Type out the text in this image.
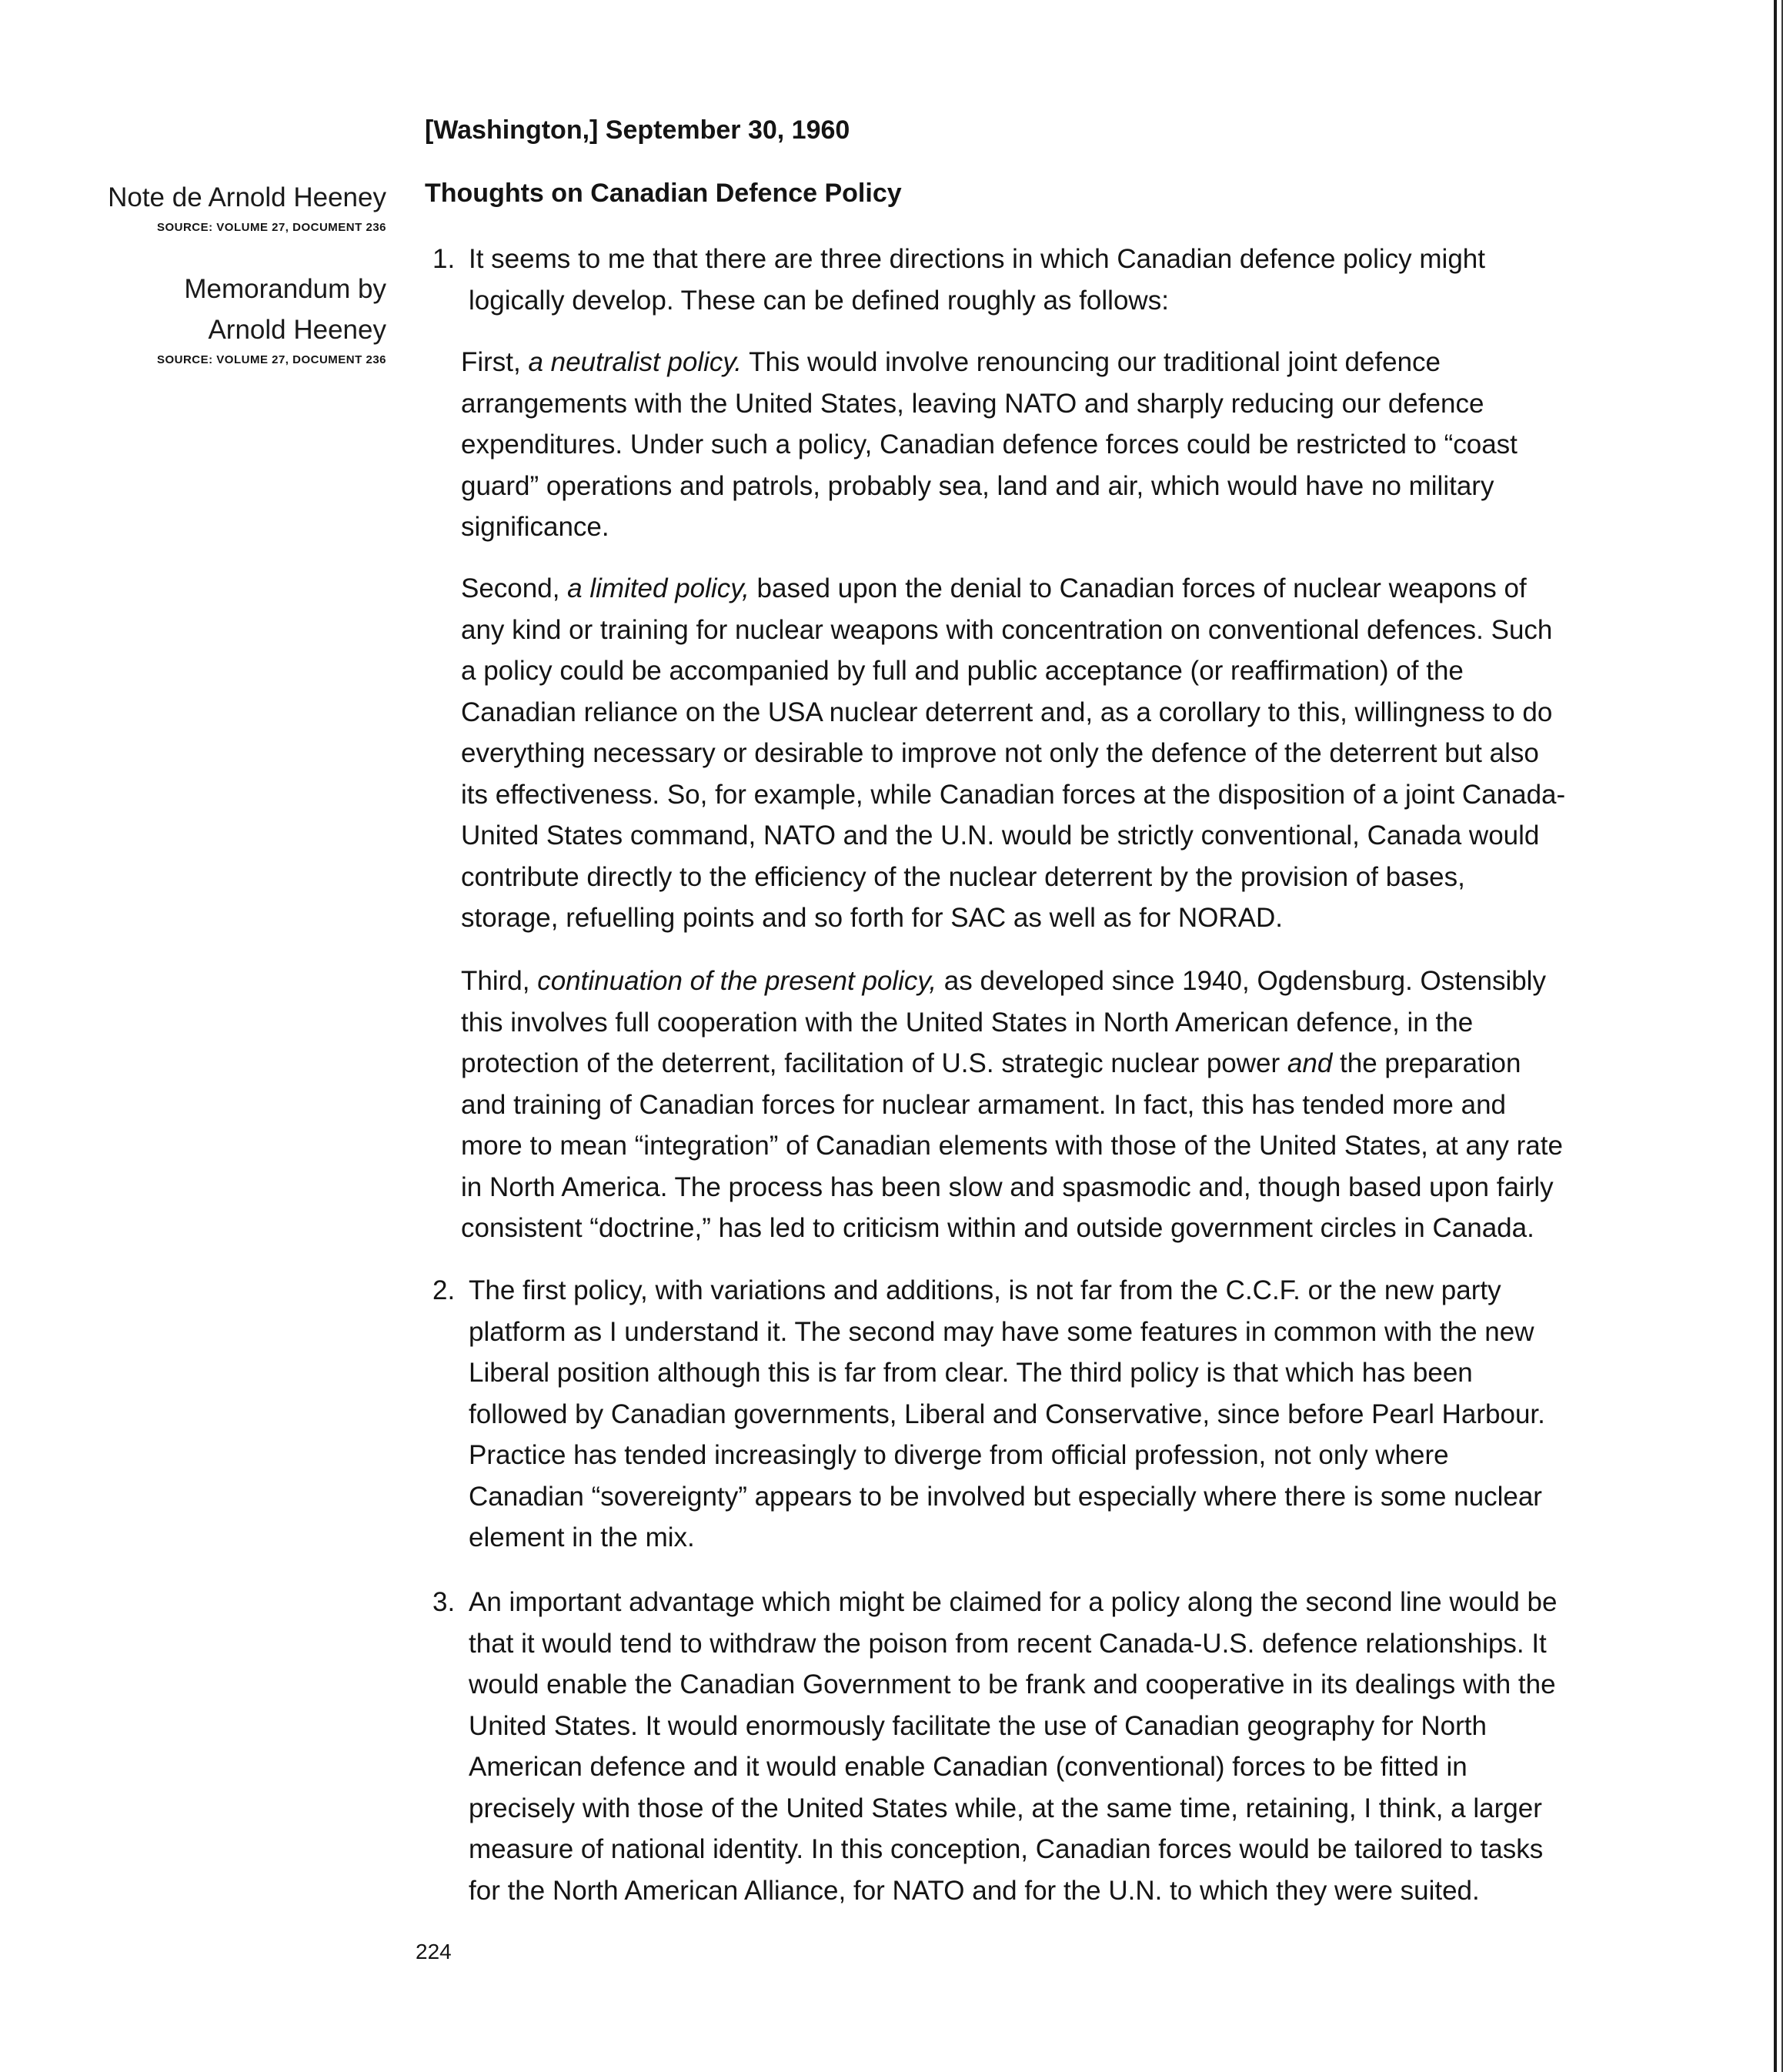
[Washington,] September 30, 1960
Thoughts on Canadian Defence Policy
Note de Arnold Heeney
SOURCE: VOLUME 27, DOCUMENT 236
Memorandum by
Arnold Heeney
SOURCE: VOLUME 27, DOCUMENT 236
1. It seems to me that there are three directions in which Canadian defence policy might logically develop. These can be defined roughly as follows:
First, a neutralist policy. This would involve renouncing our traditional joint defence arrangements with the United States, leaving NATO and sharply reducing our defence expenditures. Under such a policy, Canadian defence forces could be restricted to “coast guard” operations and patrols, probably sea, land and air, which would have no military significance.
Second, a limited policy, based upon the denial to Canadian forces of nuclear weapons of any kind or training for nuclear weapons with concentration on conventional defences. Such a policy could be accompanied by full and public acceptance (or reaffirmation) of the Canadian reliance on the USA nuclear deterrent and, as a corollary to this, willingness to do everything necessary or desirable to improve not only the defence of the deterrent but also its effectiveness. So, for example, while Canadian forces at the disposition of a joint Canada-United States command, NATO and the U.N. would be strictly conventional, Canada would contribute directly to the efficiency of the nuclear deterrent by the provision of bases, storage, refuelling points and so forth for SAC as well as for NORAD.
Third, continuation of the present policy, as developed since 1940, Ogdensburg. Ostensibly this involves full cooperation with the United States in North American defence, in the protection of the deterrent, facilitation of U.S. strategic nuclear power and the preparation and training of Canadian forces for nuclear armament. In fact, this has tended more and more to mean “integration” of Canadian elements with those of the United States, at any rate in North America. The process has been slow and spasmodic and, though based upon fairly consistent “doctrine,” has led to criticism within and outside government circles in Canada.
2. The first policy, with variations and additions, is not far from the C.C.F. or the new party platform as I understand it. The second may have some features in common with the new Liberal position although this is far from clear. The third policy is that which has been followed by Canadian governments, Liberal and Conservative, since before Pearl Harbour. Practice has tended increasingly to diverge from official profession, not only where Canadian “sovereignty” appears to be involved but especially where there is some nuclear element in the mix.
3. An important advantage which might be claimed for a policy along the second line would be that it would tend to withdraw the poison from recent Canada-U.S. defence relationships. It would enable the Canadian Government to be frank and cooperative in its dealings with the United States. It would enormously facilitate the use of Canadian geography for North American defence and it would enable Canadian (conventional) forces to be fitted in precisely with those of the United States while, at the same time, retaining, I think, a larger measure of national identity. In this conception, Canadian forces would be tailored to tasks for the North American Alliance, for NATO and for the U.N. to which they were suited.
224
